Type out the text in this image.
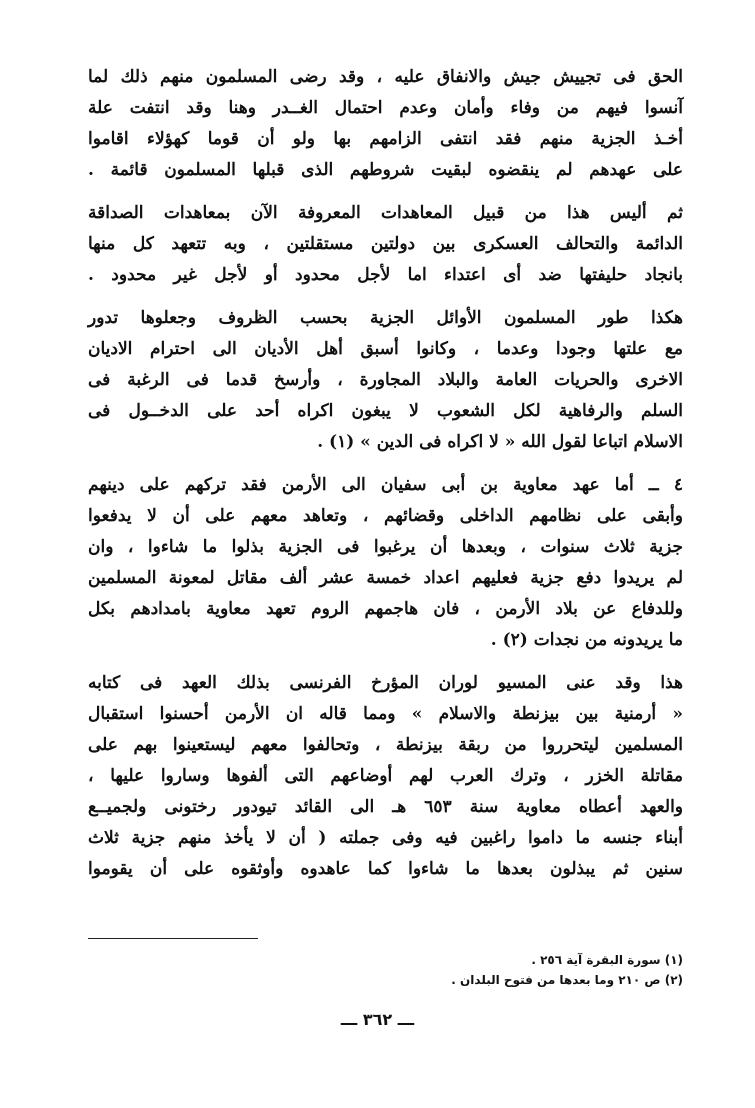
الحق فى تجييش جيش والانفاق عليه ، وقد رضى المسلمون منهم ذلك لما
آنسوا فيهم من وفاء وأمان وعدم احتمال الغــدر وهنا وقد انتفت علة
أخـذ الجزية منهم فقد انتفى الزامهم بها ولو أن قوما كهؤلاء اقاموا
على عهدهم لم ينقضوه لبقيت شروطهم الذى قبلها المسلمون قائمة .
ثم أليس هذا من قبيل المعاهدات المعروفة الآن بمعاهدات الصداقة
الدائمة والتحالف العسكرى بين دولتين مستقلتين ، وبه تتعهد كل منها
بانجاد حليفتها ضد أى اعتداء اما لأجل محدود أو لأجل غير محدود .
هكذا طور المسلمون الأوائل الجزية بحسب الظروف وجعلوها تدور
مع علتها وجودا وعدما ، وكانوا أسبق أهل الأديان الى احترام الاديان
الاخرى والحريات العامة والبلاد المجاورة ، وأرسخ قدما فى الرغبة فى
السلم والرفاهية لكل الشعوب لا يبغون اكراه أحد على الدخــول فى
الاسلام اتباعا لقول الله « لا اكراه فى الدين » (١) .
٤ ــ أما عهد معاوية بن أبى سفيان الى الأرمن فقد تركهم على دينهم
وأبقى على نظامهم الداخلى وقضائهم ، وتعاهد معهم على أن لا يدفعوا
جزية ثلاث سنوات ، وبعدها أن يرغبوا فى الجزية بذلوا ما شاءوا ، وان
لم يريدوا دفع جزية فعليهم اعداد خمسة عشر ألف مقاتل لمعونة المسلمين
وللدفاع عن بلاد الأرمن ، فان هاجمهم الروم تعهد معاوية بامدادهم بكل
ما يريدونه من نجدات (٢) .
هذا وقد عنى المسيو لوران المؤرخ الفرنسى بذلك العهد فى كتابه
« أرمنية بين بيزنطة والاسلام » ومما قاله ان الأرمن أحسنوا استقبال
المسلمين ليتحرروا من ربقة بيزنطة ، وتحالفوا معهم ليستعينوا بهم على
مقاتلة الخزر ، وترك العرب لهم أوضاعهم التى ألفوها وساروا عليها ،
والعهد أعطاه معاوية سنة ٦٥٣ هـ الى القائد تيودور رختونى ولجميــع
أبناء جنسه ما داموا راغبين فيه وفى جملته ( أن لا يأخذ منهم جزية ثلاث
سنين ثم يبذلون بعدها ما شاءوا كما عاهدوه وأوثقوه على أن يقوموا
(١) سورة البقرة آية ٢٥٦ .
(٢) ص ٢١٠ وما بعدها من فتوح البلدان .
ـــ ٣٦٢ ـــ
